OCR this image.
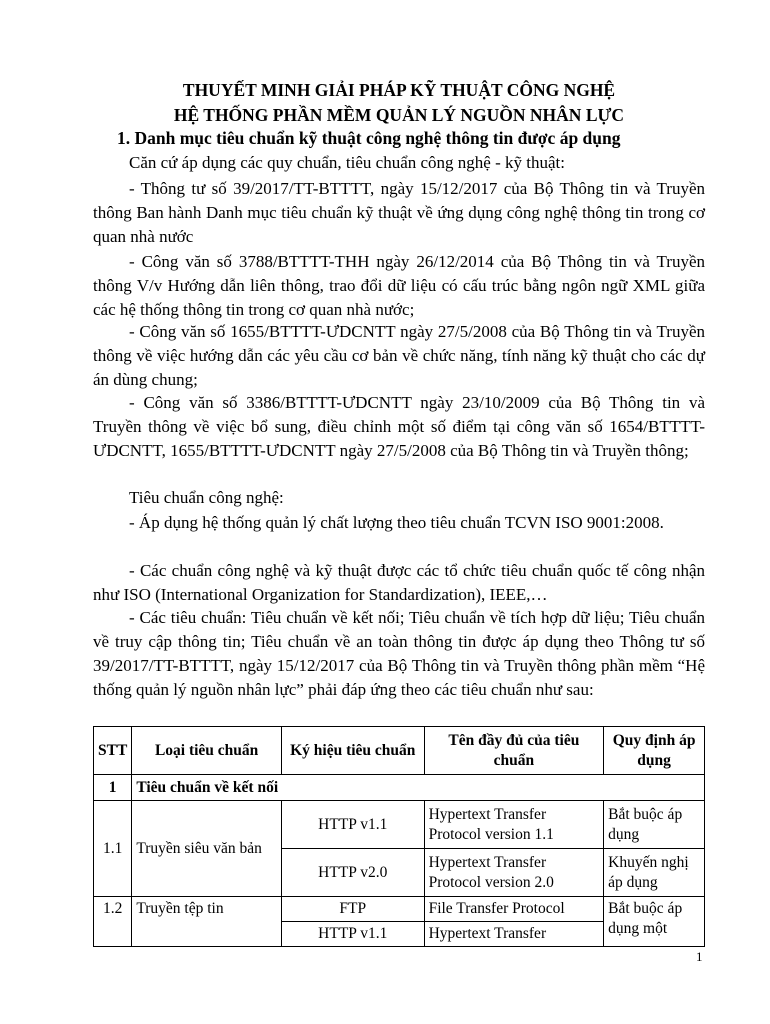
THUYẾT MINH GIẢI PHÁP KỸ THUẬT CÔNG NGHỆ
HỆ THỐNG PHẦN MỀM QUẢN LÝ NGUỒN NHÂN LỰC
1. Danh mục tiêu chuẩn kỹ thuật công nghệ thông tin được áp dụng
Căn cứ áp dụng các quy chuẩn, tiêu chuẩn công nghệ - kỹ thuật:
- Thông tư số 39/2017/TT-BTTTT, ngày 15/12/2017 của Bộ Thông tin và Truyền thông Ban hành Danh mục tiêu chuẩn kỹ thuật về ứng dụng công nghệ thông tin trong cơ quan nhà nước
- Công văn số 3788/BTTTT-THH ngày 26/12/2014 của Bộ Thông tin và Truyền thông V/v Hướng dẫn liên thông, trao đổi dữ liệu có cấu trúc bằng ngôn ngữ XML giữa các hệ thống thông tin trong cơ quan nhà nước;
- Công văn số 1655/BTTTT-ƯDCNTT ngày 27/5/2008 của Bộ Thông tin và Truyền thông về việc hướng dẫn các yêu cầu cơ bản về chức năng, tính năng kỹ thuật cho các dự án dùng chung;
- Công văn số 3386/BTTTT-ƯDCNTT ngày 23/10/2009 của Bộ Thông tin và Truyền thông về việc bổ sung, điều chỉnh một số điểm tại công văn số 1654/BTTTT-ƯDCNTT, 1655/BTTTT-ƯDCNTT ngày 27/5/2008 của Bộ Thông tin và Truyền thông;
Tiêu chuẩn công nghệ:
- Áp dụng hệ thống quản lý chất lượng theo tiêu chuẩn TCVN ISO 9001:2008.
- Các chuẩn công nghệ và kỹ thuật được các tổ chức tiêu chuẩn quốc tế công nhận như ISO (International Organization for Standardization), IEEE,…
- Các tiêu chuẩn: Tiêu chuẩn về kết nối; Tiêu chuẩn về tích hợp dữ liệu; Tiêu chuẩn về truy cập thông tin; Tiêu chuẩn về an toàn thông tin được áp dụng theo Thông tư số 39/2017/TT-BTTTT, ngày 15/12/2017 của Bộ Thông tin và Truyền thông phần mềm “Hệ thống quản lý nguồn nhân lực” phải đáp ứng theo các tiêu chuẩn như sau:
STT	Loại tiêu chuẩn	Ký hiệu tiêu chuẩn	Tên đầy đủ của tiêu chuẩn	Quy định áp dụng
1	Tiêu chuẩn về kết nối			
1.1	Truyền siêu văn bản	HTTP v1.1	Hypertext Transfer Protocol version 1.1	Bắt buộc áp dụng
		HTTP v2.0	Hypertext Transfer Protocol version 2.0	Khuyến nghị áp dụng
1.2	Truyền tệp tin	FTP	File Transfer Protocol	Bắt buộc áp dụng một
		HTTP v1.1	Hypertext Transfer	
1
